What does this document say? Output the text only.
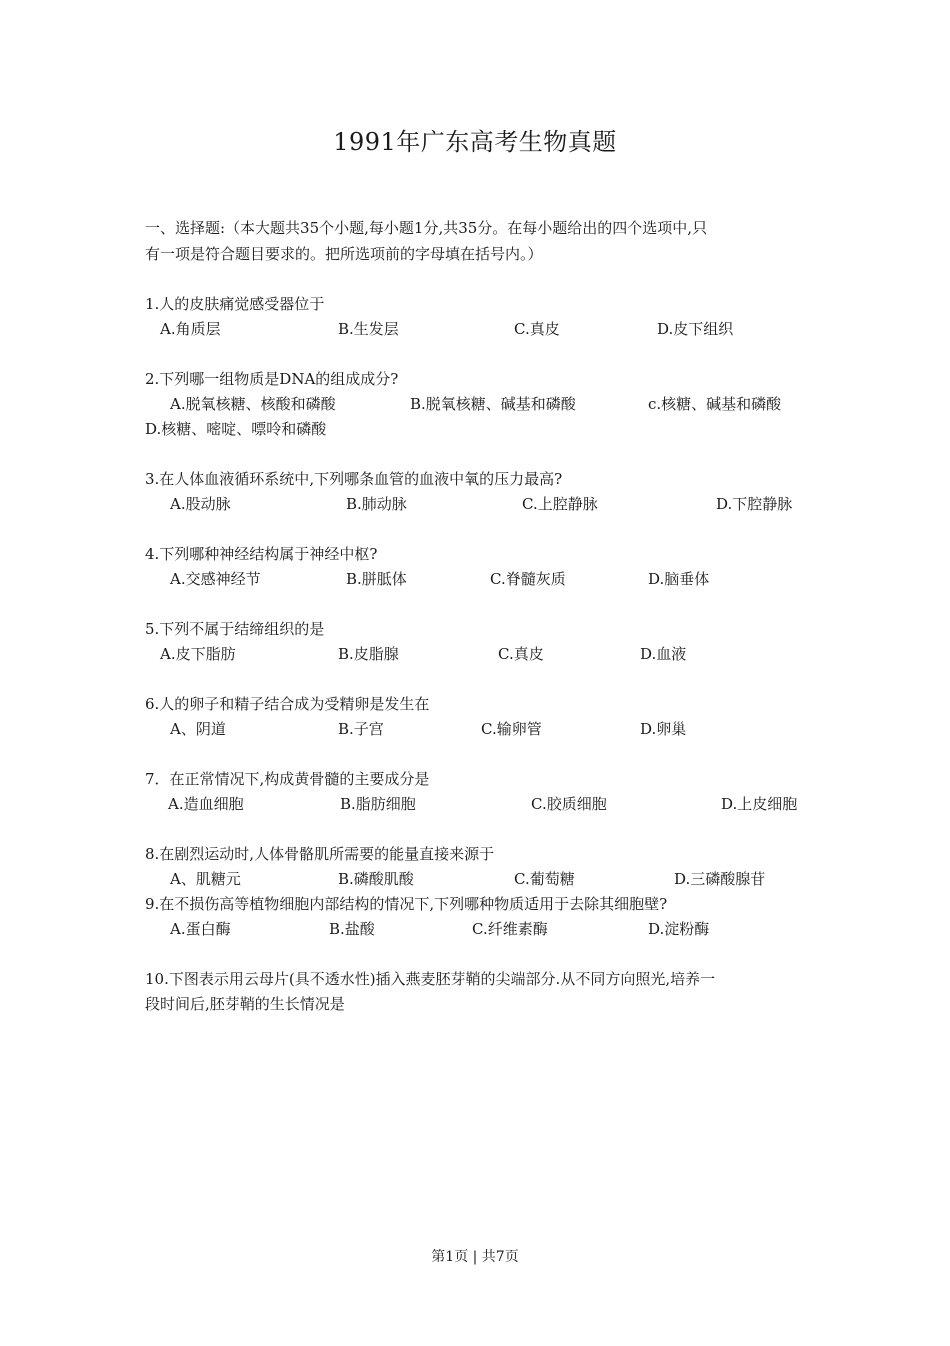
1991年广东高考生物真题
一、选择题:（本大题共35个小题,每小题1分,共35分。在每小题给出的四个选项中,只
有一项是符合题目要求的。把所选项前的字母填在括号内。）
1.人的皮肤痛觉感受器位于
A.角质层	B.生发层	C.真皮	D.皮下组织
2.下列哪一组物质是DNA的组成成分?
A.脱氧核糖、核酸和磷酸	B.脱氧核糖、碱基和磷酸	c.核糖、碱基和磷酸
D.核糖、嘧啶、嘌呤和磷酸
3.在人体血液循环系统中,下列哪条血管的血液中氧的压力最高?
A.股动脉	B.肺动脉	C.上腔静脉	D.下腔静脉
4.下列哪种神经结构属于神经中枢?
A.交感神经节	B.胼胝体	C.脊髓灰质	D.脑垂体
5.下列不属于结缔组织的是
A.皮下脂肪	B.皮脂腺	C.真皮	D.血液
6.人的卵子和精子结合成为受精卵是发生在
A、阴道	B.子宫	C.输卵管	D.卵巢
7．在正常情况下,构成黄骨髓的主要成分是
A.造血细胞	B.脂肪细胞	C.胶质细胞	D.上皮细胞
8.在剧烈运动时,人体骨骼肌所需要的能量直接来源于
A、肌糖元	B.磷酸肌酸	C.葡萄糖	D.三磷酸腺苷
9.在不损伤高等植物细胞内部结构的情况下,下列哪种物质适用于去除其细胞壁?
A.蛋白酶	B.盐酸	C.纤维素酶	D.淀粉酶
10.下图表示用云母片(具不透水性)插入燕麦胚芽鞘的尖端部分.从不同方向照光,培养一
段时间后,胚芽鞘的生长情况是
第1页 | 共7页
